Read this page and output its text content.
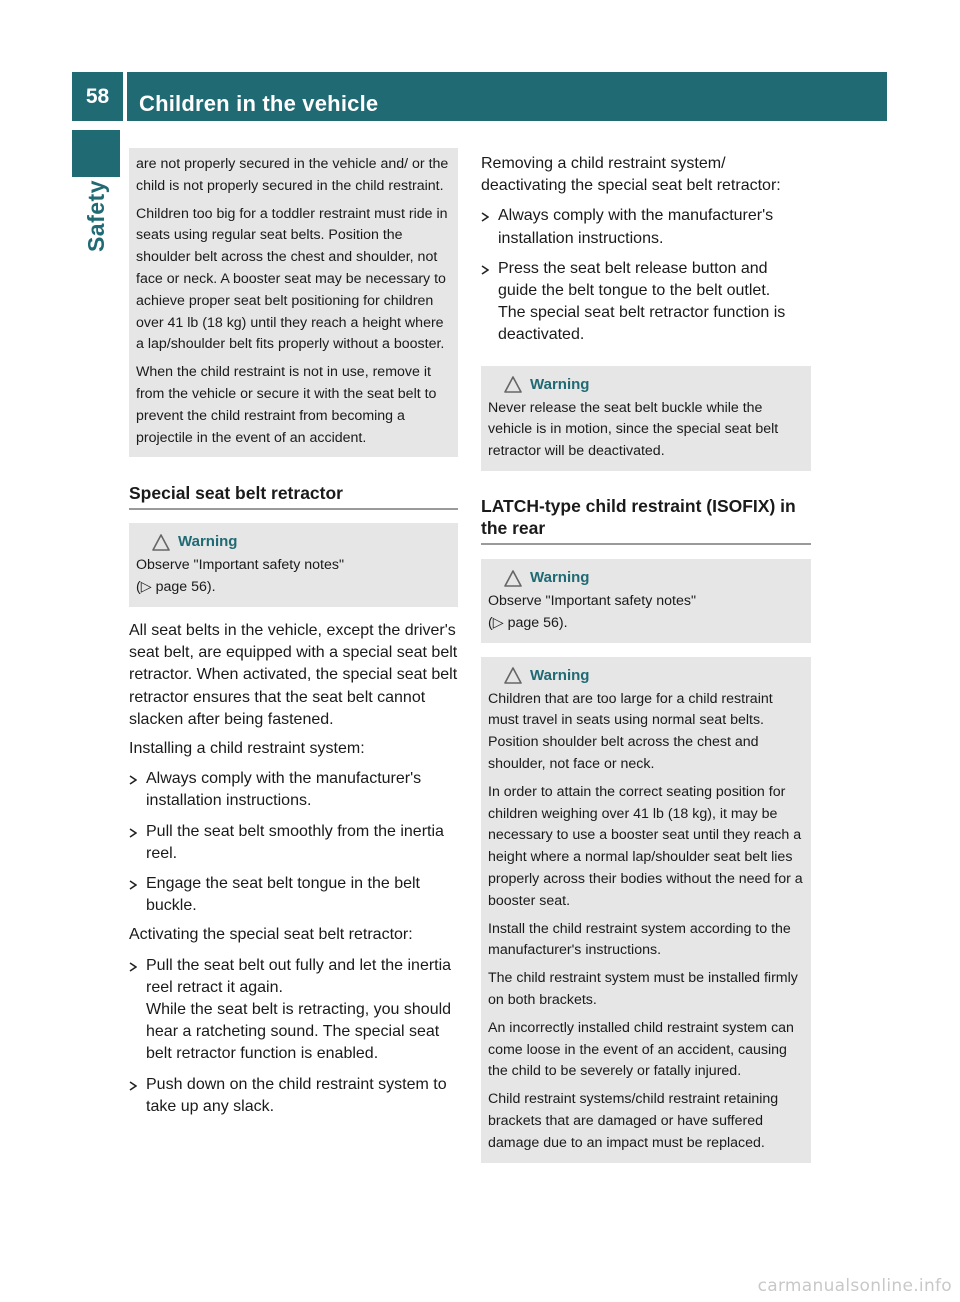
58	Children in the vehicle
Safety

are not properly secured in the vehicle and/ or the child is not properly secured in the child restraint.

Children too big for a toddler restraint must ride in seats using regular seat belts. Position the shoulder belt across the chest and shoulder, not face or neck. A booster seat may be necessary to achieve proper seat belt positioning for children over 41 lb (18 kg) until they reach a height where a lap/shoulder belt fits properly without a booster.

When the child restraint is not in use, remove it from the vehicle or secure it with the seat belt to prevent the child restraint from becoming a projectile in the event of an accident.

Special seat belt retractor
Warning

Observe "Important safety notes"

(▷ page 56).

All seat belts in the vehicle, except the driver's seat belt, are equipped with a special seat belt retractor. When activated, the special seat belt retractor ensures that the seat belt cannot slacken after being fastened.

Installing a child restraint system:

Always comply with the manufacturer's installation instructions.
Pull the seat belt smoothly from the inertia reel.
Engage the seat belt tongue in the belt buckle.

Activating the special seat belt retractor:

Pull the seat belt out fully and let the inertia reel retract it again.
While the seat belt is retracting, you should hear a ratcheting sound. The special seat belt retractor function is enabled.
Push down on the child restraint system to take up any slack.

Removing a child restraint system/ deactivating the special seat belt retractor:

Always comply with the manufacturer's installation instructions.
Press the seat belt release button and guide the belt tongue to the belt outlet.
The special seat belt retractor function is deactivated.
Warning

Never release the seat belt buckle while the vehicle is in motion, since the special seat belt retractor will be deactivated.

LATCH-type child restraint (ISOFIX) in the rear
Warning

Observe "Important safety notes"

(▷ page 56).

Warning

Children that are too large for a child restraint must travel in seats using normal seat belts. Position shoulder belt across the chest and shoulder, not face or neck.

In order to attain the correct seating position for children weighing over 41 lb (18 kg), it may be necessary to use a booster seat until they reach a height where a normal lap/shoulder seat belt lies properly across their bodies without the need for a booster seat.

Install the child restraint system according to the manufacturer's instructions.

The child restraint system must be installed firmly on both brackets.

An incorrectly installed child restraint system can come loose in the event of an accident, causing the child to be severely or fatally injured.

Child restraint systems/child restraint retaining brackets that are damaged or have suffered damage due to an impact must be replaced.

carmanualsonline.info
